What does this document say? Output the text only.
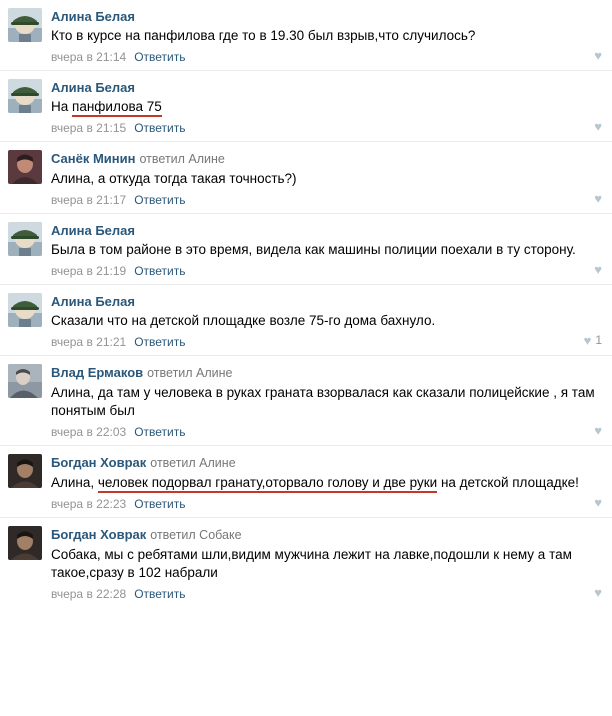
Алина Белая
Кто в курсе на панфилова где то в 19.30 был взрыв,что случилось?
вчера в 21:14 Ответить	♥
Алина Белая
На панфилова 75
вчера в 21:15 Ответить	♥
Санёк Минин ответил Алине
Алина, а откуда тогда такая точность?)
вчера в 21:17 Ответить	♥
Алина Белая
Была в том районе в это время, видела как машины полиции поехали в ту сторону.
вчера в 21:19 Ответить	♥
Алина Белая
Сказали что на детской площадке возле 75-го дома бахнуло.
вчера в 21:21 Ответить	♥ 1
Влад Ермаков ответил Алине
Алина, да там у человека в руках граната взорвалася как сказали полицейские , я там понятым был
вчера в 22:03 Ответить	♥
Богдан Ховрак ответил Алине
Алина, человек подорвал гранату,оторвало голову и две руки на детской площадке!
вчера в 22:23 Ответить	♥
Богдан Ховрак ответил Собаке
Собака, мы с ребятами шли,видим мужчина лежит на лавке,подошли к нему а там такое,сразу в 102 набрали
вчера в 22:28 Ответить	♥
